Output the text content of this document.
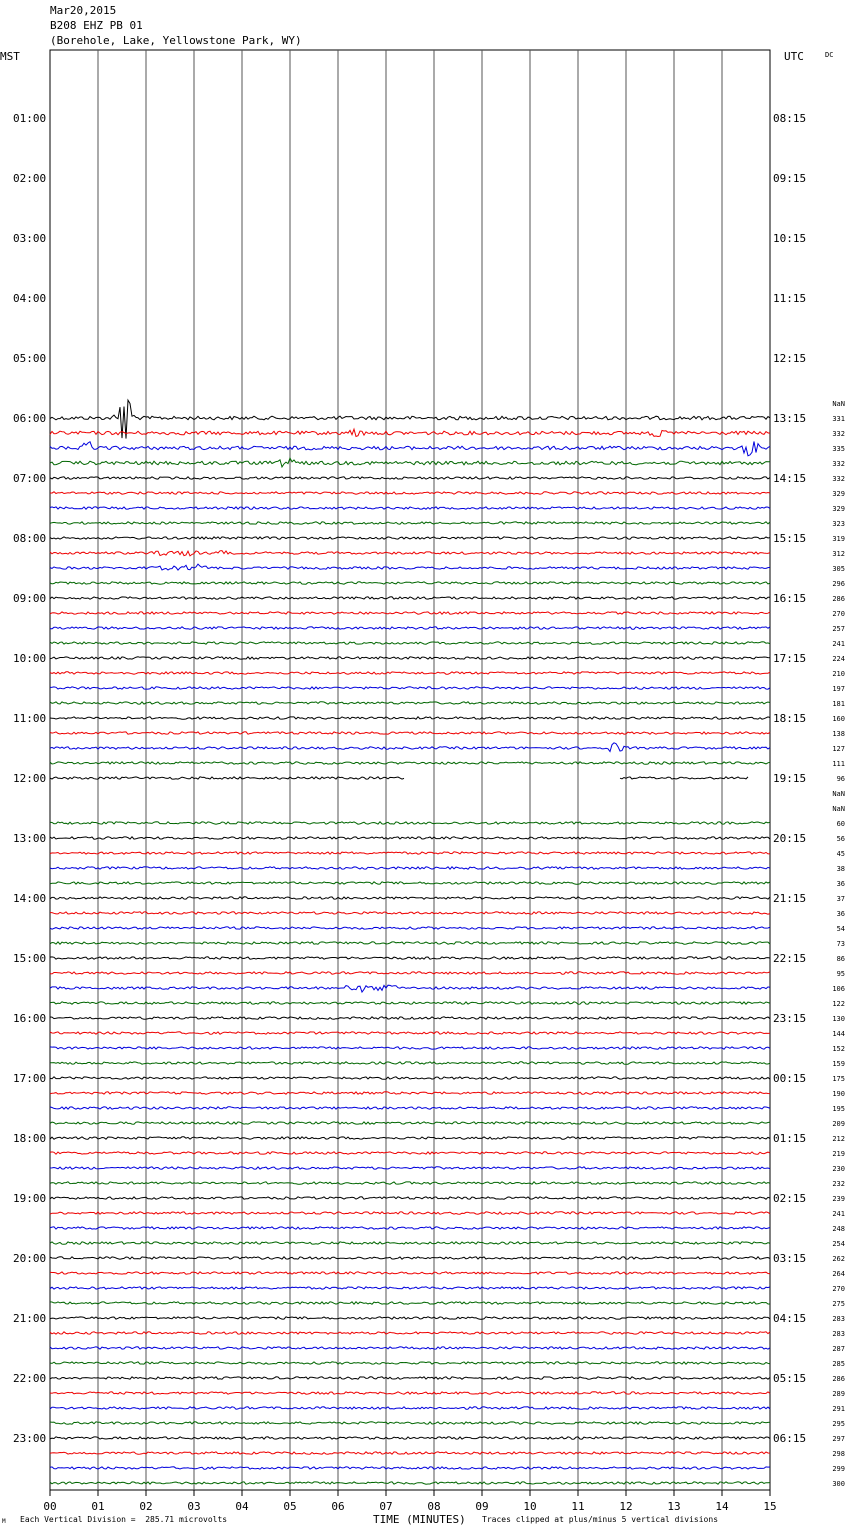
Mar20,2015
B208 EHZ PB 01
(Borehole, Lake, Yellowstone Park, WY)
MST	UTC	DC
00	01	02	03	04	05	06	07	08	09	10	11	12	13	14	15
01:00
02:00
03:00
04:00
05:00
06:00
07:00
08:00
09:00
10:00
11:00
12:00
13:00
14:00
15:00
16:00
17:00
18:00
19:00
20:00
21:00
22:00
23:00
08:15
09:15
10:15
11:15
12:15
13:15
14:15
15:15
16:15
17:15
18:15
19:15
20:15
21:15
22:15
23:15
00:15
01:15
02:15
03:15
04:15
05:15
06:15
NaN
331
332
335
332
332
329
329
323
319
312
305
296
286
270
257
241
224
210
197
181
160
138
127
111
96
NaN
NaN
60
56
45
38
36
37
36
54
73
86
95
106
122
130
144
152
159
175
190
195
209
212
219
230
232
239
241
248
254
262
264
270
275
283
283
287
285
286
289
291
295
297
298
299
300
TIME (MINUTES)
Each Vertical Division =  285.71 microvolts	Traces clipped at plus/minus 5 vertical divisions
M
